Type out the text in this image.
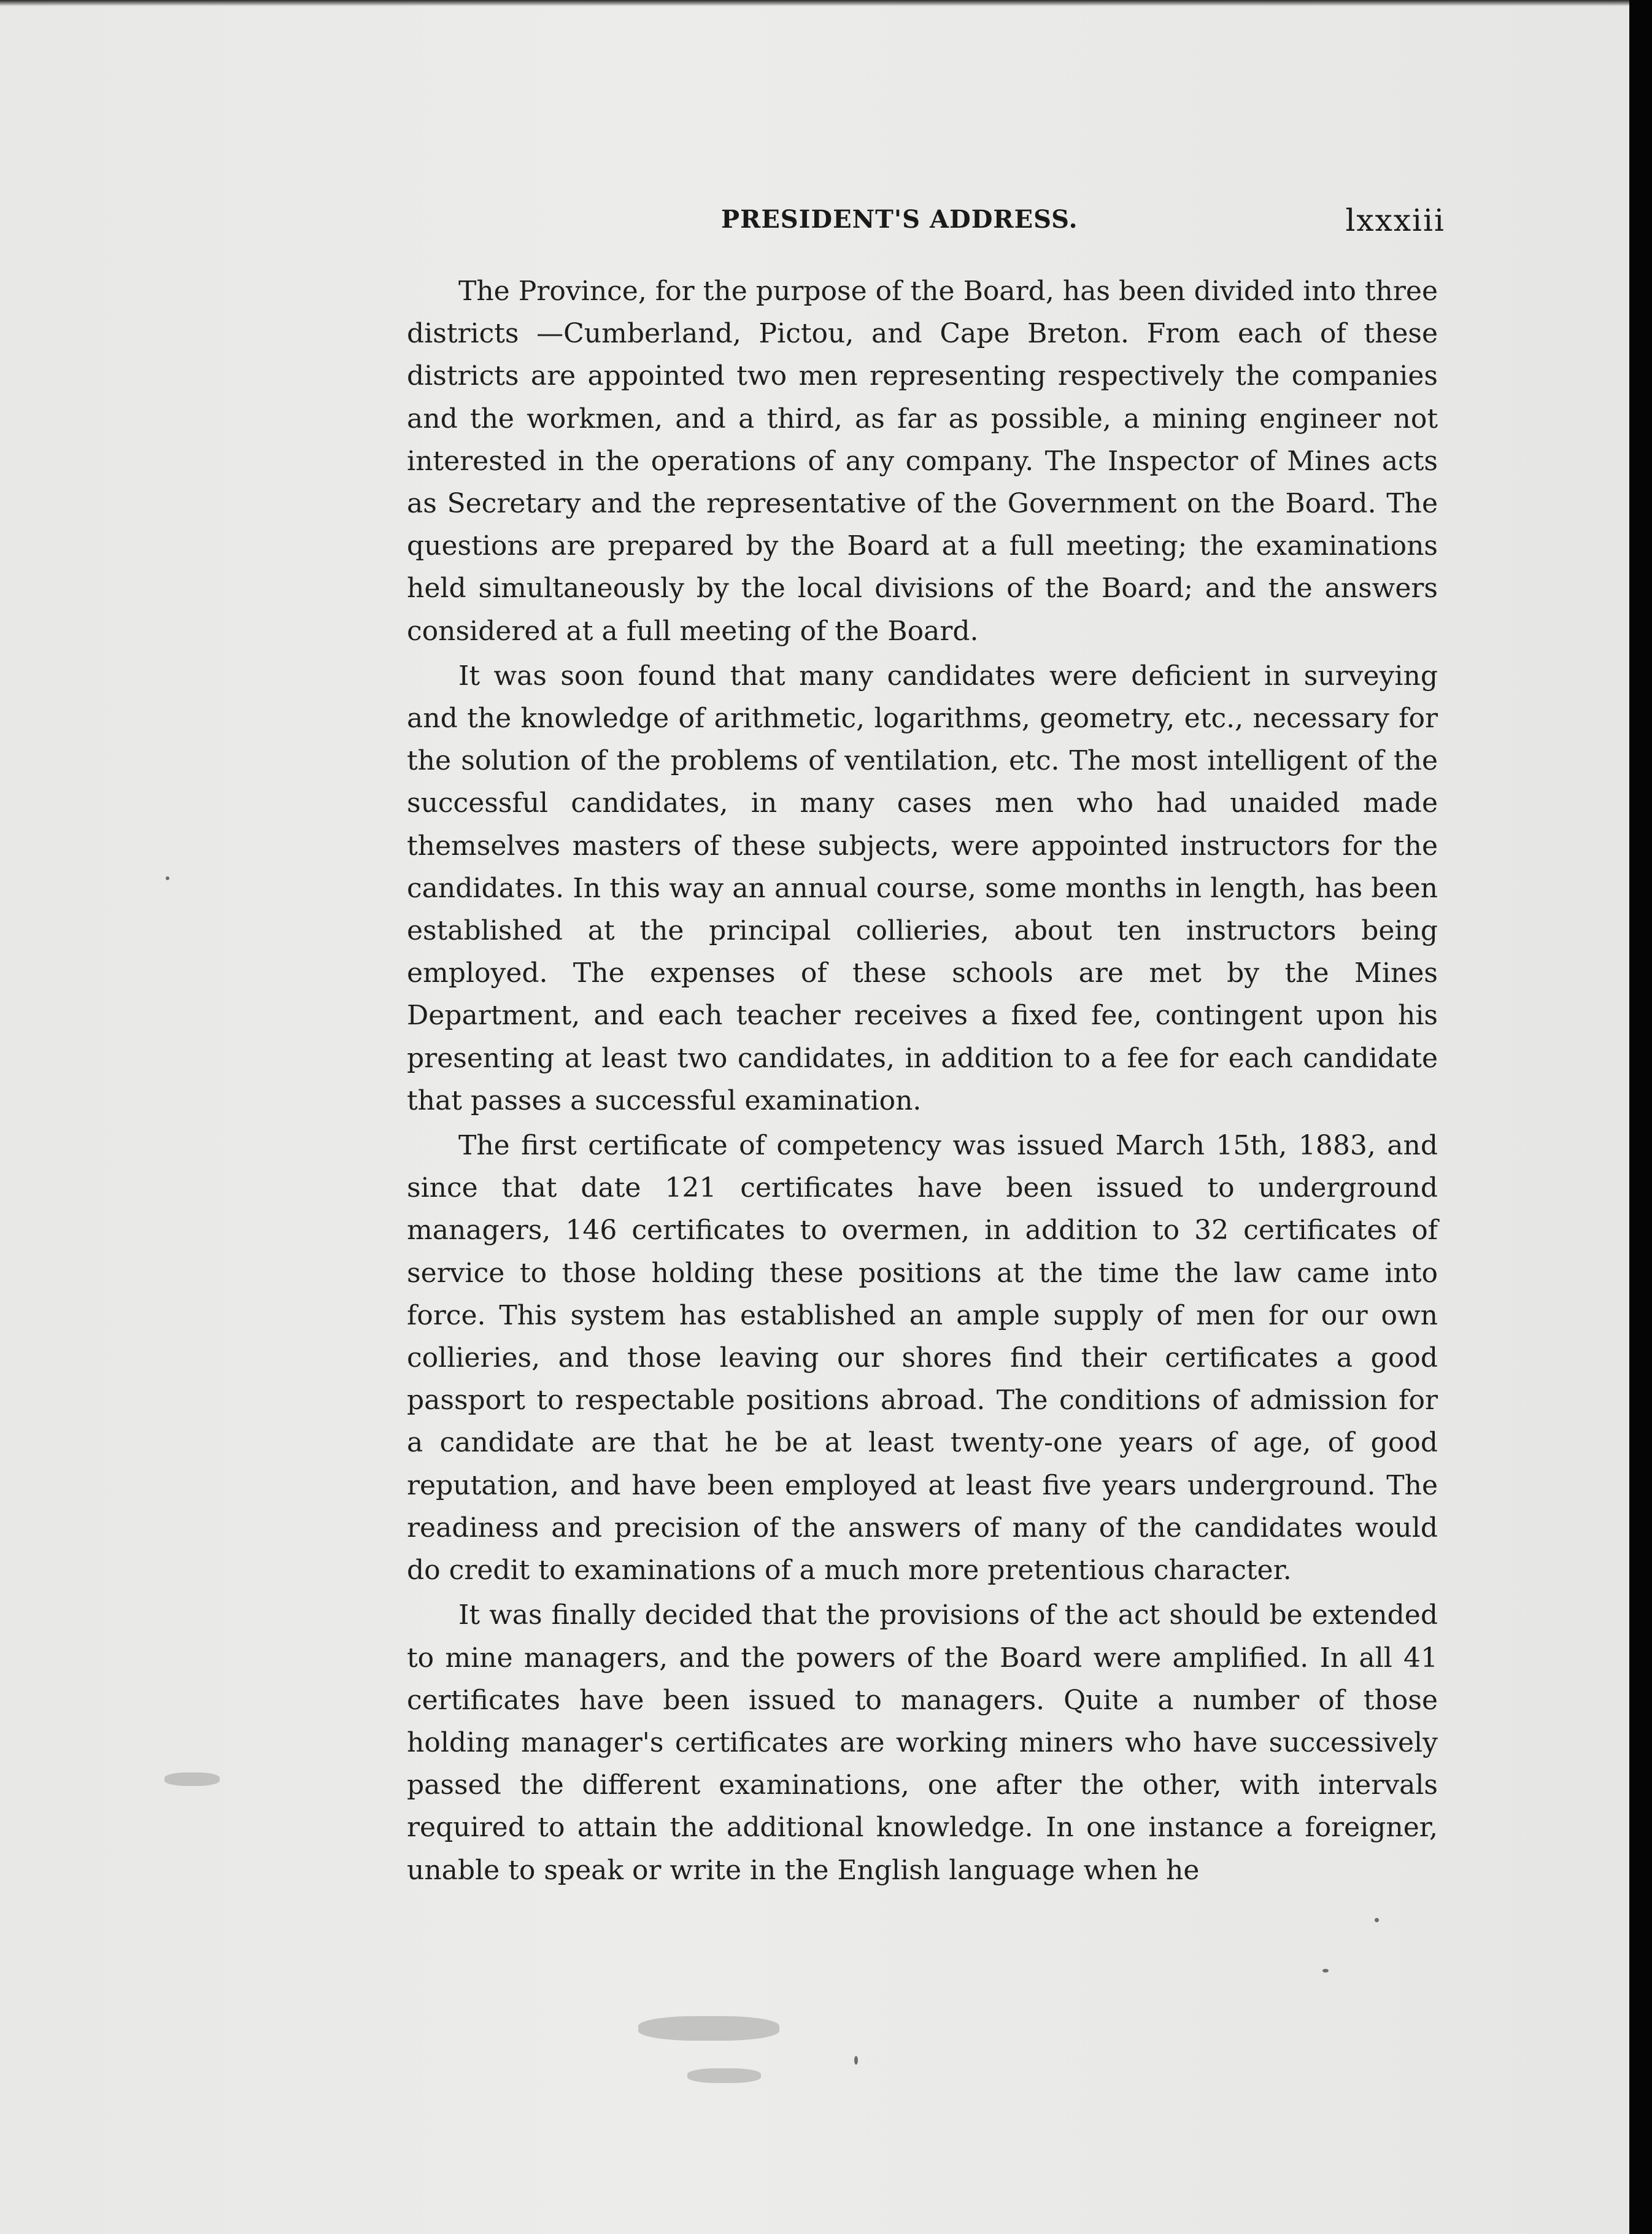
PRESIDENT'S ADDRESS.	lxxxiii

The Province, for the purpose of the Board, has been divided into three districts —Cumberland, Pictou, and Cape Breton. From each of these districts are appointed two men representing respectively the companies and the workmen, and a third, as far as possible, a mining engineer not interested in the operations of any company. The Inspector of Mines acts as Secretary and the representative of the Government on the Board. The questions are prepared by the Board at a full meeting; the examinations held simultaneously by the local divisions of the Board; and the answers considered at a full meeting of the Board.

It was soon found that many candidates were deficient in surveying and the knowledge of arithmetic, logarithms, geometry, etc., necessary for the solution of the problems of ventilation, etc. The most intelligent of the successful candidates, in many cases men who had unaided made themselves masters of these subjects, were appointed instructors for the candidates. In this way an annual course, some months in length, has been established at the principal collieries, about ten instructors being employed. The expenses of these schools are met by the Mines Department, and each teacher receives a fixed fee, contingent upon his presenting at least two candidates, in addition to a fee for each candidate that passes a successful examination.

The first certificate of competency was issued March 15th, 1883, and since that date 121 certificates have been issued to underground managers, 146 certificates to overmen, in addition to 32 certificates of service to those holding these positions at the time the law came into force. This system has established an ample supply of men for our own collieries, and those leaving our shores find their certificates a good passport to respectable positions abroad. The conditions of admission for a candidate are that he be at least twenty-one years of age, of good reputation, and have been employed at least five years underground. The readiness and precision of the answers of many of the candidates would do credit to examinations of a much more pretentious character.

It was finally decided that the provisions of the act should be extended to mine managers, and the powers of the Board were amplified. In all 41 certificates have been issued to managers. Quite a number of those holding manager's certificates are working miners who have successively passed the different examinations, one after the other, with intervals required to attain the additional knowledge. In one instance a foreigner, unable to speak or write in the English language when he
